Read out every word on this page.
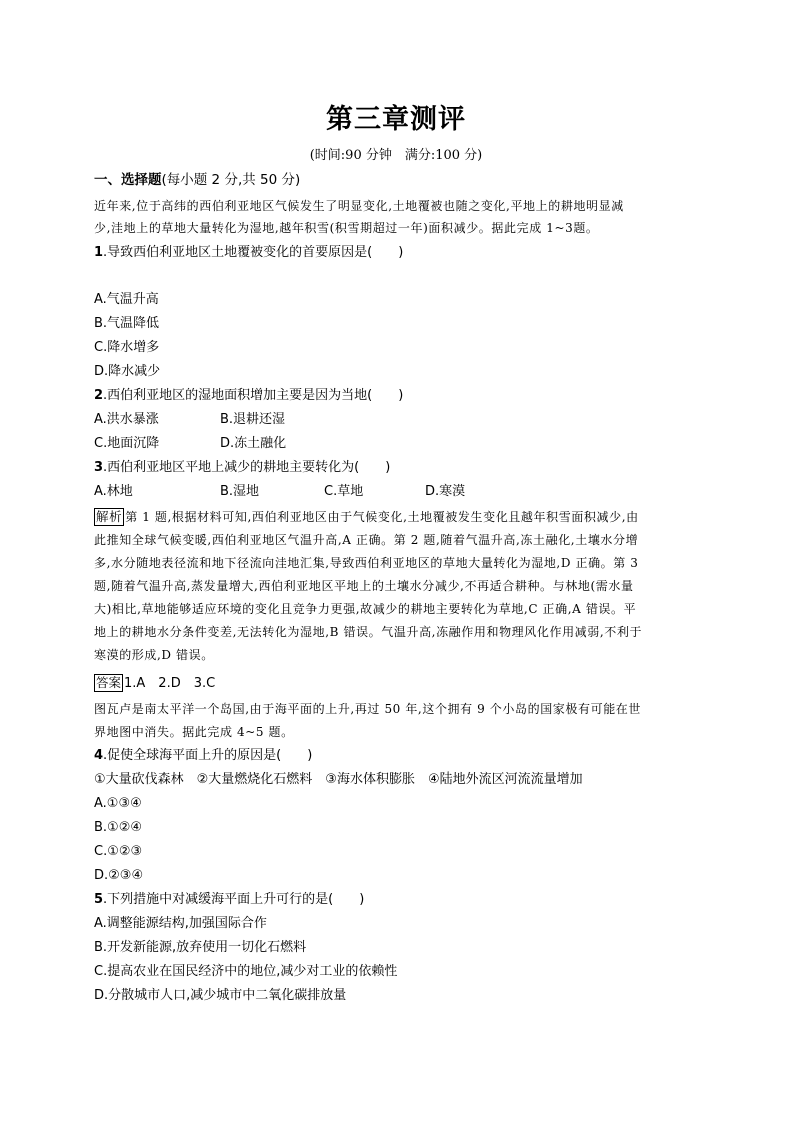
第三章测评
(时间:90 分钟　满分:100 分)
一、选择题(每小题 2 分,共 50 分)
近年来,位于高纬的西伯利亚地区气候发生了明显变化,土地覆被也随之变化,平地上的耕地明显减
少,洼地上的草地大量转化为湿地,越年积雪(积雪期超过一年)面积减少。据此完成 1~3题。
1.导致西伯利亚地区土地覆被变化的首要原因是(　　)
A.气温升高
B.气温降低
C.降水增多
D.降水减少
2.西伯利亚地区的湿地面积增加主要是因为当地(　　)
A.洪水暴涨	B.退耕还湿
C.地面沉降	D.冻土融化
3.西伯利亚地区平地上减少的耕地主要转化为(　　)
A.林地	B.湿地	C.草地	D.寒漠
解析 第 1 题,根据材料可知,西伯利亚地区由于气候变化,土地覆被发生变化且越年积雪面积减少,由
此推知全球气候变暖,西伯利亚地区气温升高,A 正确。第 2 题,随着气温升高,冻土融化,土壤水分增
多,水分随地表径流和地下径流向洼地汇集,导致西伯利亚地区的草地大量转化为湿地,D 正确。第 3
题,随着气温升高,蒸发量增大,西伯利亚地区平地上的土壤水分减少,不再适合耕种。与林地(需水量
大)相比,草地能够适应环境的变化且竞争力更强,故减少的耕地主要转化为草地,C 正确,A 错误。平
地上的耕地水分条件变差,无法转化为湿地,B 错误。气温升高,冻融作用和物理风化作用减弱,不利于
寒漠的形成,D 错误。
答案 1.A　2.D　3.C
图瓦卢是南太平洋一个岛国,由于海平面的上升,再过 50 年,这个拥有 9 个小岛的国家极有可能在世
界地图中消失。据此完成 4~5 题。
4.促使全球海平面上升的原因是(　　)
①大量砍伐森林　②大量燃烧化石燃料　③海水体积膨胀　④陆地外流区河流流量增加
A.①③④
B.①②④
C.①②③
D.②③④
5.下列措施中对减缓海平面上升可行的是(　　)
A.调整能源结构,加强国际合作
B.开发新能源,放弃使用一切化石燃料
C.提高农业在国民经济中的地位,减少对工业的依赖性
D.分散城市人口,减少城市中二氧化碳排放量
